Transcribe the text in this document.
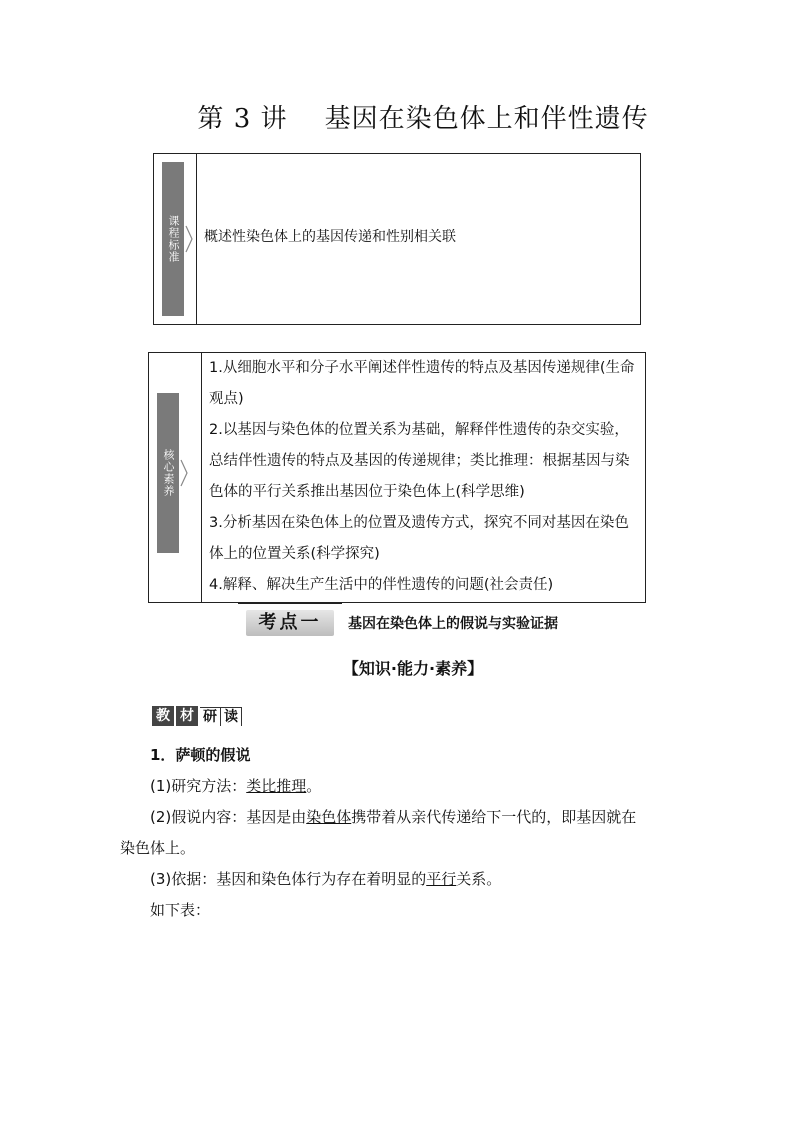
第 3 讲 基因在染色体上和伴性遗传
课程标准 概述性染色体上的基因传递和性别相关联
核心素养

1.从细胞水平和分子水平阐述伴性遗传的特点及基因传递规律(生命观点)

2.以基因与染色体的位置关系为基础，解释伴性遗传的杂交实验，总结伴性遗传的特点及基因的传递规律；类比推理：根据基因与染色体的平行关系推出基因位于染色体上(科学思维)

3.分析基因在染色体上的位置及遗传方式，探究不同对基因在染色体上的位置关系(科学探究)

4.解释、解决生产生活中的伴性遗传的问题(社会责任)

考点一	基因在染色体上的假说与实验证据
【知识·能力·素养】
教 材 研 读

1．萨顿的假说

(1)研究方法：类比推理。

(2)假说内容：基因是由染色体携带着从亲代传递给下一代的，即基因就在

染色体上。

(3)依据：基因和染色体行为存在着明显的平行关系。

如下表：
